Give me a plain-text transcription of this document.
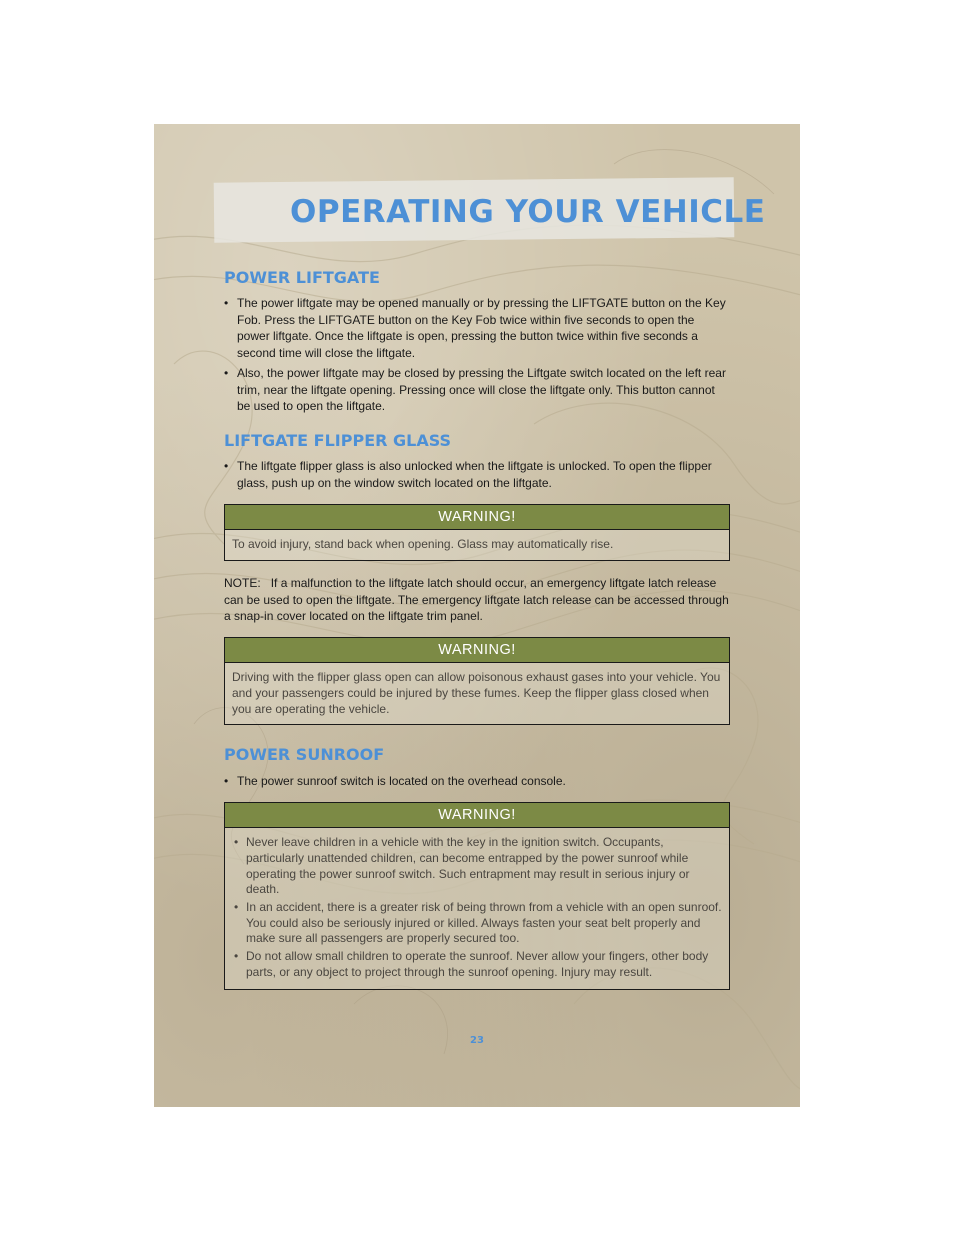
OPERATING YOUR VEHICLE
POWER LIFTGATE
• The power liftgate may be opened manually or by pressing the LIFTGATE button on the Key Fob. Press the LIFTGATE button on the Key Fob twice within five seconds to open the power liftgate. Once the liftgate is open, pressing the button twice within five seconds a second time will close the liftgate.
• Also, the power liftgate may be closed by pressing the Liftgate switch located on the left rear trim, near the liftgate opening. Pressing once will close the liftgate only. This button cannot be used to open the liftgate.
LIFTGATE FLIPPER GLASS
• The liftgate flipper glass is also unlocked when the liftgate is unlocked. To open the flipper glass, push up on the window switch located on the liftgate.
WARNING!
To avoid injury, stand back when opening. Glass may automatically rise.
NOTE: If a malfunction to the liftgate latch should occur, an emergency liftgate latch release can be used to open the liftgate. The emergency liftgate latch release can be accessed through a snap-in cover located on the liftgate trim panel.
WARNING!
Driving with the flipper glass open can allow poisonous exhaust gases into your vehicle. You and your passengers could be injured by these fumes. Keep the flipper glass closed when you are operating the vehicle.
POWER SUNROOF
• The power sunroof switch is located on the overhead console.
WARNING!
• Never leave children in a vehicle with the key in the ignition switch. Occupants, particularly unattended children, can become entrapped by the power sunroof while operating the power sunroof switch. Such entrapment may result in serious injury or death.
• In an accident, there is a greater risk of being thrown from a vehicle with an open sunroof. You could also be seriously injured or killed. Always fasten your seat belt properly and make sure all passengers are properly secured too.
• Do not allow small children to operate the sunroof. Never allow your fingers, other body parts, or any object to project through the sunroof opening. Injury may result.
23
